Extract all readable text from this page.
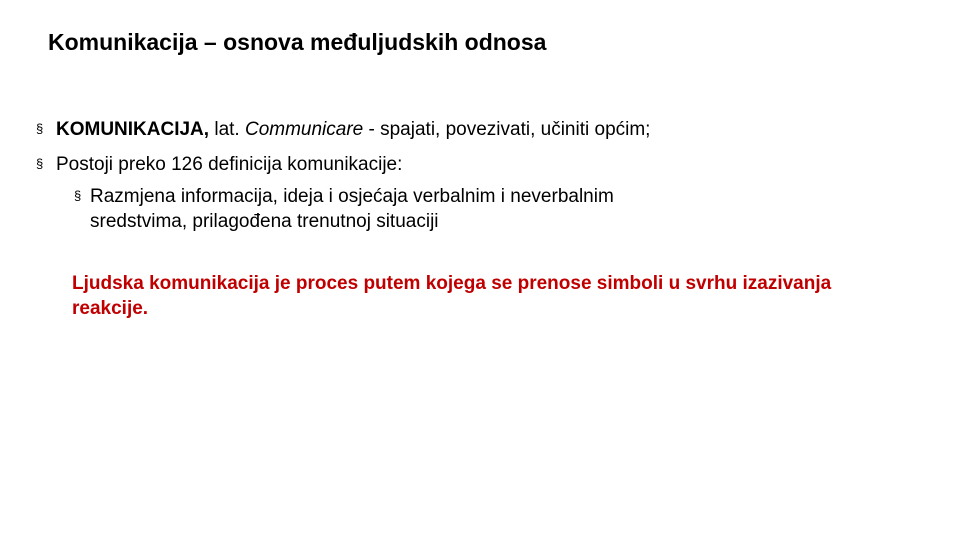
Komunikacija – osnova međuljudskih odnosa
§ KOMUNIKACIJA, lat. Communicare - spajati, povezivati, učiniti općim;
§ Postoji preko 126 definicija komunikacije:
§ Razmjena informacija, ideja i osjećaja verbalnim i neverbalnim
sredstvima, prilagođena trenutnoj situaciji
Ljudska komunikacija je proces putem kojega se prenose simboli u svrhu izazivanja reakcije.
